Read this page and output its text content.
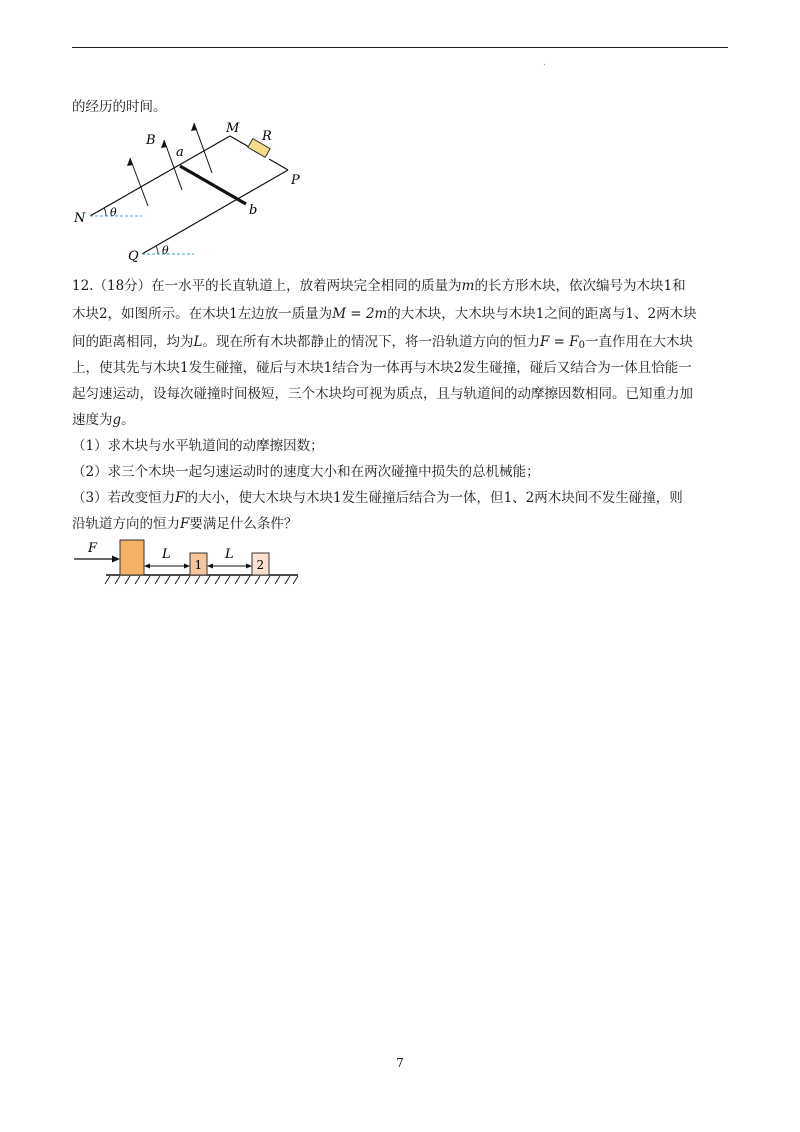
.
的经历的时间。
B
a
M
R
P
N θ	b
Q θ
12.（18分）在一水平的长直轨道上，放着两块完全相同的质量为m的长方形木块，依次编号为木块1和
木块2，如图所示。在木块1左边放一质量为M = 2m的大木块，大木块与木块1之间的距离与1、2两木块
间的距离相同，均为L。现在所有木块都静止的情况下，将一沿轨道方向的恒力$F = F_0$一直作用在大木块
上，使其先与木块1发生碰撞，碰后与木块1结合为一体再与木块2发生碰撞，碰后又结合为一体且恰能一
起匀速运动，设每次碰撞时间极短，三个木块均可视为质点，且与轨道间的动摩擦因数相同。已知重力加
速度为g。
（1）求木块与水平轨道间的动摩擦因数；
（2）求三个木块一起匀速运动时的速度大小和在两次碰撞中损失的总机械能；
（3）若改变恒力F的大小，使大木块与木块1发生碰撞后结合为一体，但1、2两木块间不发生碰撞，则
沿轨道方向的恒力F要满足什么条件？
F	L
1
L
2
7
